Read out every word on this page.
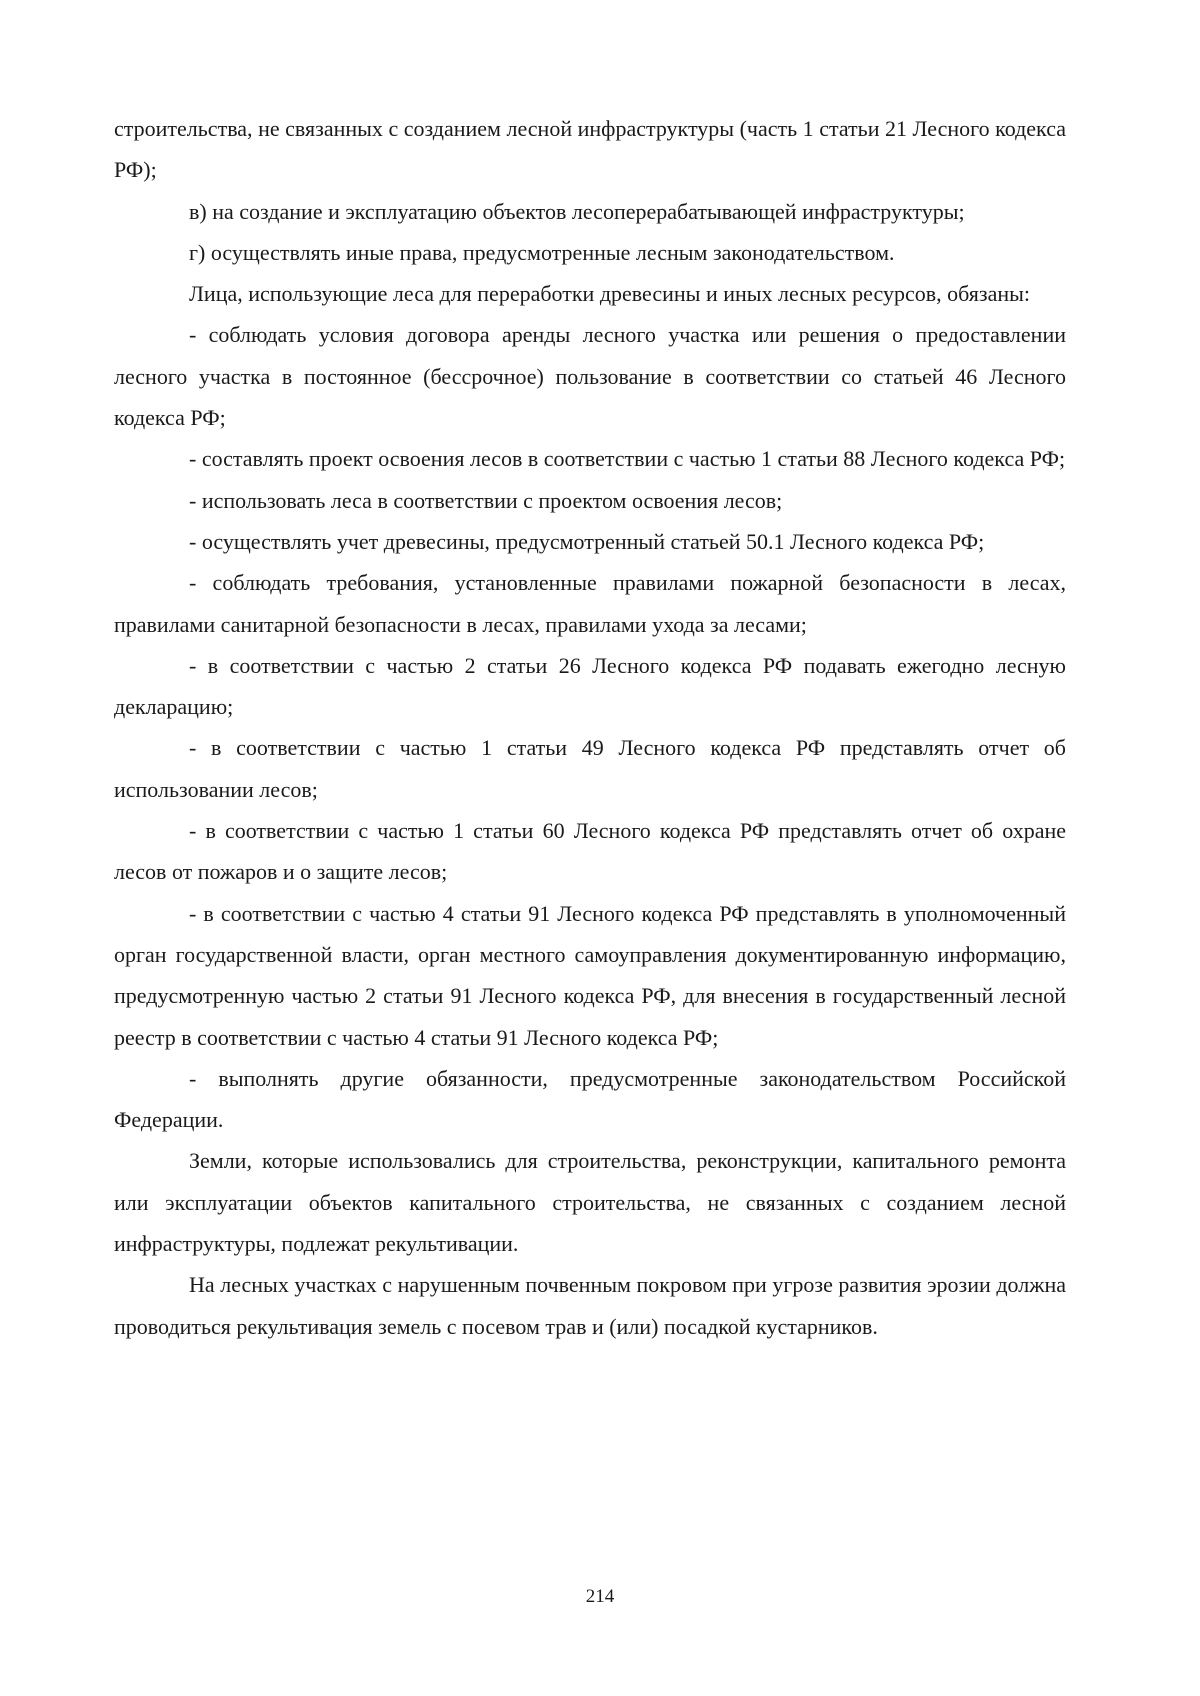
строительства, не связанных с созданием лесной инфраструктуры (часть 1 статьи 21 Лесного кодекса РФ);

в) на создание и эксплуатацию объектов лесоперерабатывающей инфраструктуры;

г) осуществлять иные права, предусмотренные лесным законодательством.

Лица, использующие леса для переработки древесины и иных лесных ресурсов, обязаны:

- соблюдать условия договора аренды лесного участка или решения о предоставлении лесного участка в постоянное (бессрочное) пользование в соответствии со статьей 46 Лесного кодекса РФ;

- составлять проект освоения лесов в соответствии с частью 1 статьи 88 Лесного кодекса РФ;

- использовать леса в соответствии с проектом освоения лесов;

- осуществлять учет древесины, предусмотренный статьей 50.1 Лесного кодекса РФ;

- соблюдать требования, установленные правилами пожарной безопасности в лесах, правилами санитарной безопасности в лесах, правилами ухода за лесами;

- в соответствии с частью 2 статьи 26 Лесного кодекса РФ подавать ежегодно лесную декларацию;

- в соответствии с частью 1 статьи 49 Лесного кодекса РФ представлять отчет об использовании лесов;

- в соответствии с частью 1 статьи 60 Лесного кодекса РФ представлять отчет об охране лесов от пожаров и о защите лесов;

- в соответствии с частью 4 статьи 91 Лесного кодекса РФ представлять в уполномоченный орган государственной власти, орган местного самоуправления документированную информацию, предусмотренную частью 2 статьи 91 Лесного кодекса РФ, для внесения в государственный лесной реестр в соответствии с частью 4 статьи 91 Лесного кодекса РФ;

- выполнять другие обязанности, предусмотренные законодательством Российской Федерации.

Земли, которые использовались для строительства, реконструкции, капитального ремонта или эксплуатации объектов капитального строительства, не связанных с созданием лесной инфраструктуры, подлежат рекультивации.

На лесных участках с нарушенным почвенным покровом при угрозе развития эрозии должна проводиться рекультивация земель с посевом трав и (или) посадкой кустарников.

214
